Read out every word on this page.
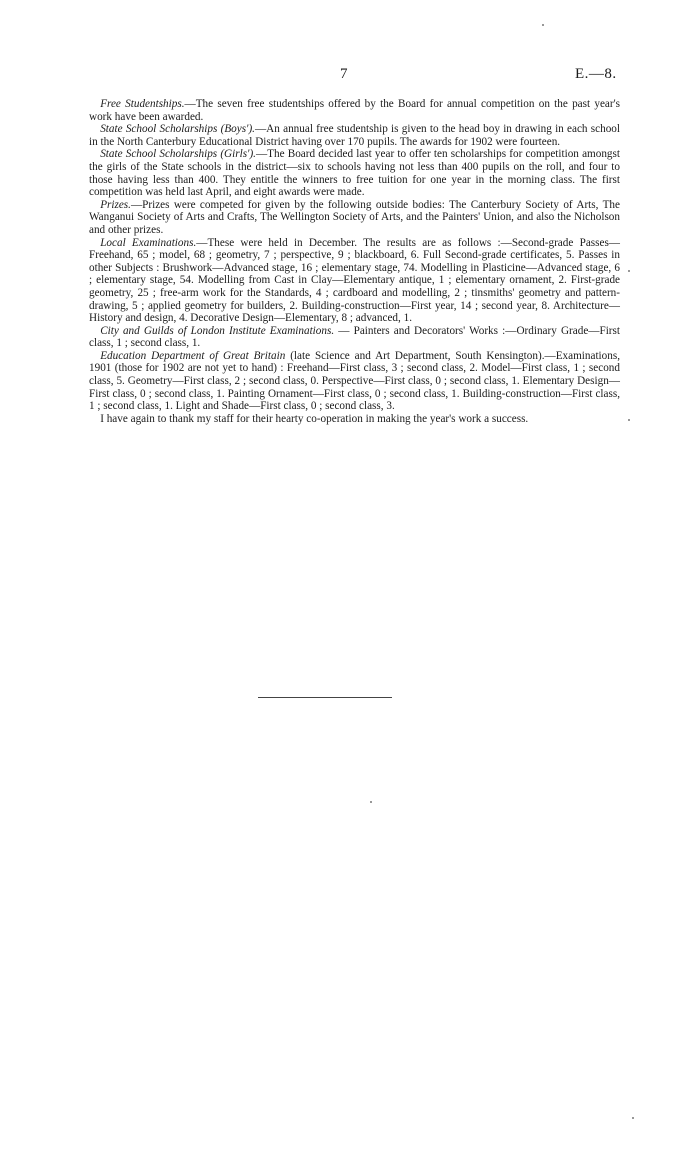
7	E.—8.

 Free Studentships.—The seven free studentships offered by the Board for annual competition on the past year's work have been awarded.

 State School Scholarships (Boys').—An annual free studentship is given to the head boy in drawing in each school in the North Canterbury Educational District having over 170 pupils. The awards for 1902 were fourteen.

 State School Scholarships (Girls').—The Board decided last year to offer ten scholarships for competition amongst the girls of the State schools in the district—six to schools having not less than 400 pupils on the roll, and four to those having less than 400. They entitle the winners to free tuition for one year in the morning class. The first competition was held last April, and eight awards were made.

 Prizes.—Prizes were competed for given by the following outside bodies: The Canterbury Society of Arts, The Wanganui Society of Arts and Crafts, The Wellington Society of Arts, and the Painters' Union, and also the Nicholson and other prizes.

 Local Examinations.—These were held in December. The results are as follows :—Second-grade Passes—Freehand, 65 ; model, 68 ; geometry, 7 ; perspective, 9 ; blackboard, 6. Full Second-grade certificates, 5. Passes in other Subjects : Brushwork—Advanced stage, 16 ; elementary stage, 74. Modelling in Plasticine—Advanced stage, 6 ; elementary stage, 54. Modelling from Cast in Clay—Elementary antique, 1 ; elementary ornament, 2. First-grade geometry, 25 ; free-arm work for the Standards, 4 ; cardboard and modelling, 2 ; tinsmiths' geometry and pattern-drawing, 5 ; applied geometry for builders, 2. Building-construction—First year, 14 ; second year, 8. Architecture—History and design, 4. Decorative Design—Elementary, 8 ; advanced, 1.

 City and Guilds of London Institute Examinations. — Painters and Decorators' Works :—Ordinary Grade—First class, 1 ; second class, 1.

 Education Department of Great Britain (late Science and Art Department, South Kensington).—Examinations, 1901 (those for 1902 are not yet to hand) : Freehand—First class, 3 ; second class, 2. Model—First class, 1 ; second class, 5. Geometry—First class, 2 ; second class, 0. Perspective—First class, 0 ; second class, 1. Elementary Design—First class, 0 ; second class, 1. Painting Ornament—First class, 0 ; second class, 1. Building-construction—First class, 1 ; second class, 1. Light and Shade—First class, 0 ; second class, 3.

 I have again to thank my staff for their hearty co-operation in making the year's work a success.
